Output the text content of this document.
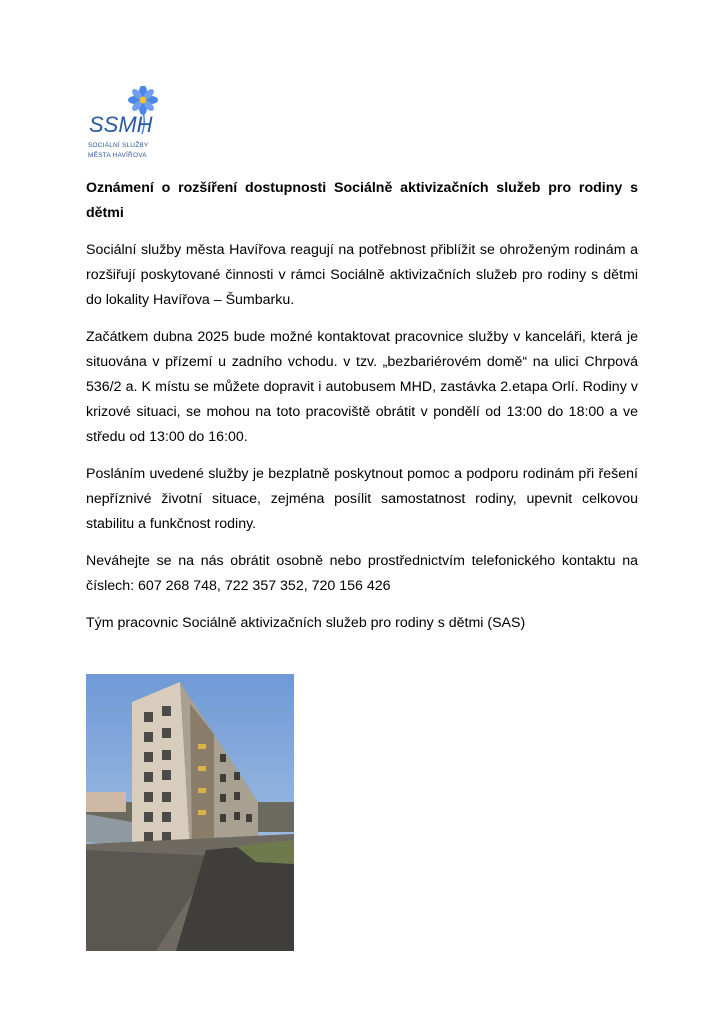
SSMH
SOCIÁLNÍ SLUŽBY
MĚSTA HAVÍŘOVA

Oznámení o rozšíření dostupnosti Sociálně aktivizačních služeb pro rodiny s dětmi

Sociální služby města Havířova reagují na potřebnost přiblížit se ohroženým rodinám a rozšiřují poskytované činnosti v rámci Sociálně aktivizačních služeb pro rodiny s dětmi do lokality Havířova – Šumbarku.

Začátkem dubna 2025 bude možné kontaktovat pracovnice služby v kanceláři, která je situována v přízemí u zadního vchodu. v tzv. „bezbariérovém domě“ na ulici Chrpová 536/2 a. K místu se můžete dopravit i autobusem MHD, zastávka 2.etapa Orlí. Rodiny v krizové situaci, se mohou na toto pracoviště obrátit v pondělí od 13:00 do 18:00 a ve středu od 13:00 do 16:00.

Posláním uvedené služby je bezplatně poskytnout pomoc a podporu rodinám při řešení nepříznivé životní situace, zejména posílit samostatnost rodiny, upevnit celkovou stabilitu a funkčnost rodiny.

Neváhejte se na nás obrátit osobně nebo prostřednictvím telefonického kontaktu na číslech: 607 268 748, 722 357 352, 720 156 426

Tým pracovnic Sociálně aktivizačních služeb pro rodiny s dětmi (SAS)
